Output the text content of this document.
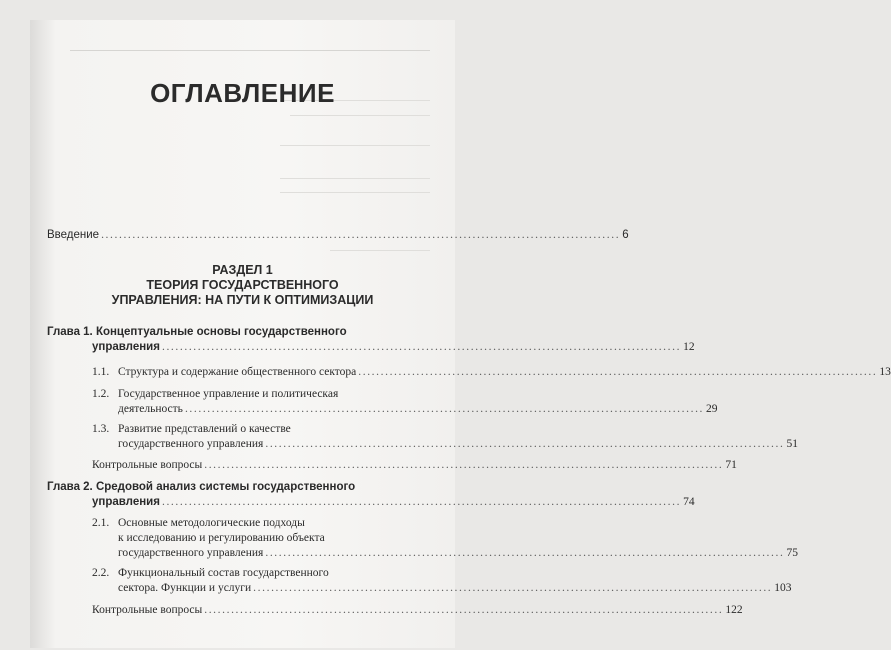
ОГЛАВЛЕНИЕ
Введение .................................................................................................................... 6
РАЗДЕЛ 1
ТЕОРИЯ ГОСУДАРСТВЕННОГО
УПРАВЛЕНИЯ: НА ПУТИ К ОПТИМИЗАЦИИ
Глава 1. Концептуальные основы государственного
управления .................................................................................................................... 12
1.1. Структура и содержание общественного сектора .................................................................................................................... 13
1.2. Государственное управление и политическая
деятельность .................................................................................................................... 29
1.3. Развитие представлений о качестве
государственного управления .................................................................................................................... 51
Контрольные вопросы .................................................................................................................... 71
Глава 2. Средовой анализ системы государственного
управления .................................................................................................................... 74
2.1. Основные методологические подходы
к исследованию и регулированию объекта
государственного управления .................................................................................................................... 75
2.2. Функциональный состав государственного
сектора. Функции и услуги .................................................................................................................... 103
Контрольные вопросы .................................................................................................................... 122
